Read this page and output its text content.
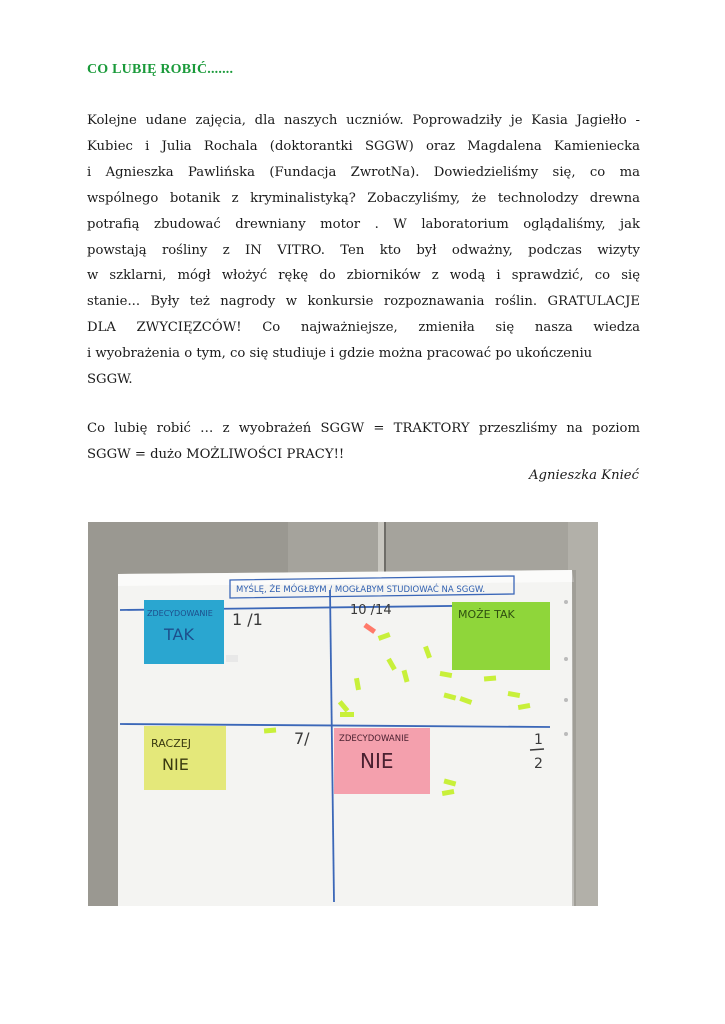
CO LUBIĘ ROBIĆ.......
Kolejne udane zajęcia, dla naszych uczniów. Poprowadziły je Kasia Jagiełło -
Kubiec i Julia Rochala (doktorantki SGGW) oraz Magdalena Kamieniecka
i Agnieszka Pawlińska (Fundacja ZwrotNa). Dowiedzieliśmy się, co ma
wspólnego botanik z kryminalistyką? Zobaczyliśmy, że technolodzy drewna
potrafią zbudować drewniany motor . W laboratorium oglądaliśmy, jak
powstają rośliny z IN VITRO. Ten kto był odważny, podczas wizyty
w szklarni, mógł włożyć rękę do zbiorników z wodą i sprawdzić, co się
stanie... Były też nagrody w konkursie rozpoznawania roślin. GRATULACJE
DLA ZWYCIĘZCÓW! Co najważniejsze, zmieniła się nasza wiedza
i wyobrażenia o tym, co się studiuje i gdzie można pracować po ukończeniu
SGGW.
Co lubię robić … z wyobrażeń SGGW = TRAKTORY przeszliśmy na poziom
SGGW = dużo MOŻLIWOŚCI PRACY!!
Agnieszka Knieć
MYŚLĘ, ŻE MÓGŁBYM / MOGŁABYM STUDIOWAĆ NA SGGW.
ZDECYDOWANIE
TAK
1 /1	MOŻE TAK
10 /14
RACZEJ
NIE
7/	ZDECYDOWANIE
NIE
1
2
